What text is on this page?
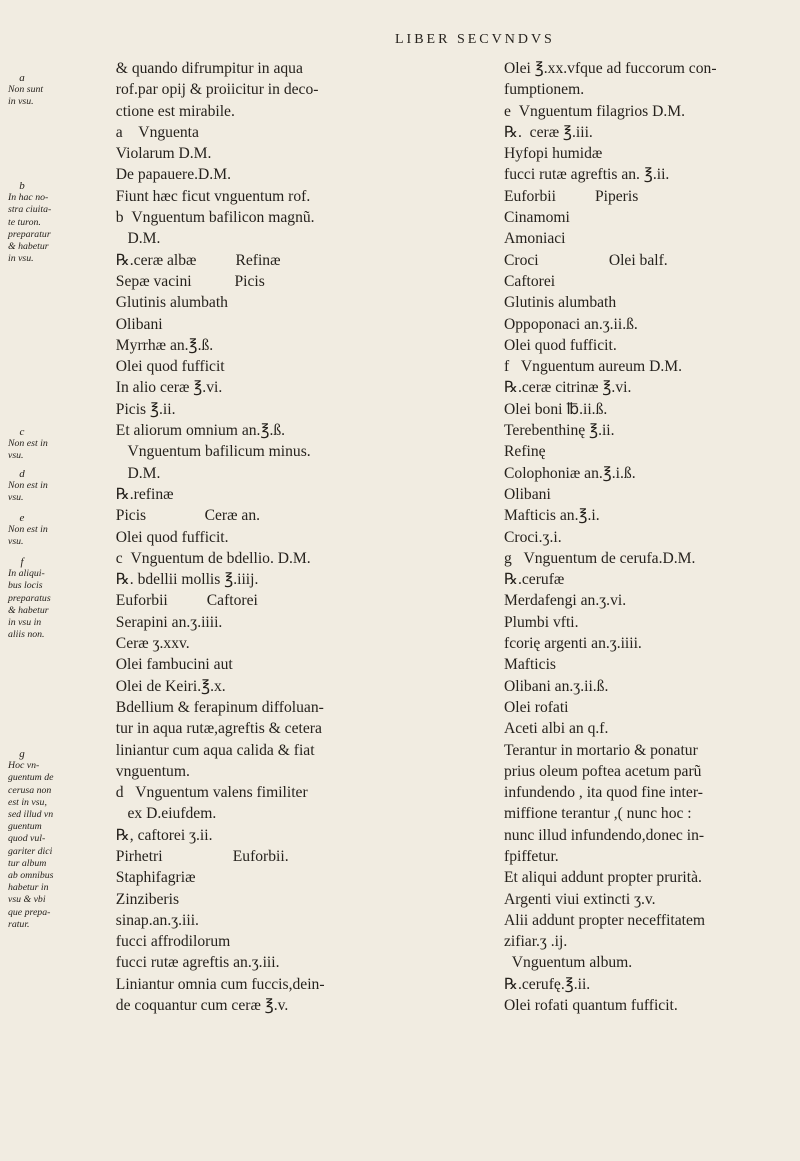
LIBER SECVNDVS
a
Non sunt
in vsu.
b
In hac no-
stra ciuita-
te turon.
preparatur
& habetur
in vsu.
c
Non est in
vsu.
d
Non est in
vsu.
e
Non est in
vsu.
f
In aliqui-
bus locis
preparatus
& habetur
in vsu in
aliis non.
g
Hoc vn-
guentum de
cerusa non
est in vsu,
sed illud vn
guentum
quod vul-
gariter dici
tur album
ab omnibus
habetur in
vsu & vbi
que prepa-
ratur.
& quando difrumpitur in aqua
rof.par opij & proiicitur in deco-
ctione est mirabile.
a    Vnguenta
Violarum D.M.
De papauere.D.M.
Fiunt hæc ficut vnguentum rof.
b  Vnguentum bafilicon magnũ.
D.M.
℞.ceræ albæ          Refinæ
Sepæ vacini           Picis
Glutinis alumbath
Olibani
Myrrhæ an.℥.ß.
Olei quod fufficit
In alio ceræ ℥.vi.
Picis ℥.ii.
Et aliorum omnium an.℥.ß.
Vnguentum bafilicum minus.
D.M.
℞.refinæ
Picis               Ceræ an.
Olei quod fufficit.
c  Vnguentum de bdellio. D.M.
℞. bdellii mollis ℥.iiij.
Euforbii          Caftorei
Serapini an.ʒ.iiii.
Ceræ ʒ.xxv.
Olei fambucini aut
Olei de Keiri.℥.x.
Bdellium & ferapinum diffoluan-
tur in aqua rutæ,agreftis & cetera
liniantur cum aqua calida & fiat
vnguentum.
d   Vnguentum valens fimiliter
ex D.eiufdem.
℞, caftorei ʒ.ii.
Pirhetri                  Euforbii.
Staphifagriæ
Zinziberis
sinap.an.ʒ.iii.
fucci affrodilorum
fucci rutæ agreftis an.ʒ.iii.
Liniantur omnia cum fuccis,dein-
de coquantur cum ceræ ℥.v.
Olei ℥.xx.vfque ad fuccorum con-
fumptionem.
e  Vnguentum filagrios D.M.
℞.  ceræ ℥.iii.
Hyfopi humidæ
fucci rutæ agreftis an. ℥.ii.
Euforbii          Piperis
Cinamomi
Amoniaci
Croci                  Olei balf.
Caftorei
Glutinis alumbath
Oppoponaci an.ʒ.ii.ß.
Olei quod fufficit.
f   Vnguentum aureum D.M.
℞.ceræ citrinæ ℥.vi.
Olei boni ℔.ii.ß.
Terebenthinę ℥.ii.
Refinę
Colophoniæ an.℥.i.ß.
Olibani
Mafticis an.℥.i.
Croci.ʒ.i.
g   Vnguentum de cerufa.D.M.
℞.cerufæ
Merdafengi an.ʒ.vi.
Plumbi vfti.
fcorię argenti an.ʒ.iiii.
Mafticis
Olibani an.ʒ.ii.ß.
Olei rofati
Aceti albi an q.f.
Terantur in mortario & ponatur
prius oleum poftea acetum parũ
infundendo , ita quod fine inter-
miffione terantur ,( nunc hoc :
nunc illud infundendo,donec in-
fpiffetur.
Et aliqui addunt propter prurità.
Argenti viui extincti ʒ.v.
Alii addunt propter neceffitatem
zifiar.ʒ .ij.
Vnguentum album.
℞.cerufę.℥.ii.
Olei rofati quantum fufficit.
